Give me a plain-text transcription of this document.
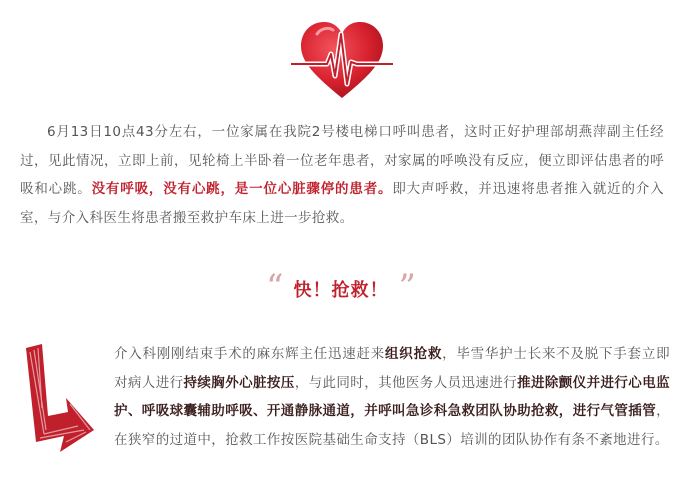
6月13日10点43分左右，一位家属在我院2号楼电梯口呼叫患者，这时正好护理部胡燕萍副主任经过，见此情况，立即上前，见轮椅上半卧着一位老年患者，对家属的呼唤没有反应，便立即评估患者的呼吸和心跳。没有呼吸，没有心跳，是一位心脏骤停的患者。即大声呼救，并迅速将患者推入就近的介入室，与介入科医生将患者搬至救护车床上进一步抢救。

“ 快！抢救！ ”

介入科刚刚结束手术的麻东辉主任迅速赶来组织抢救，毕雪华护士长来不及脱下手套立即对病人进行持续胸外心脏按压，与此同时，其他医务人员迅速进行推进除颤仪并进行心电监护、呼吸球囊辅助呼吸、开通静脉通道，并呼叫急诊科急救团队协助抢救，进行气管插管，在狭窄的过道中，抢救工作按医院基础生命支持（BLS）培训的团队协作有条不紊地进行。
